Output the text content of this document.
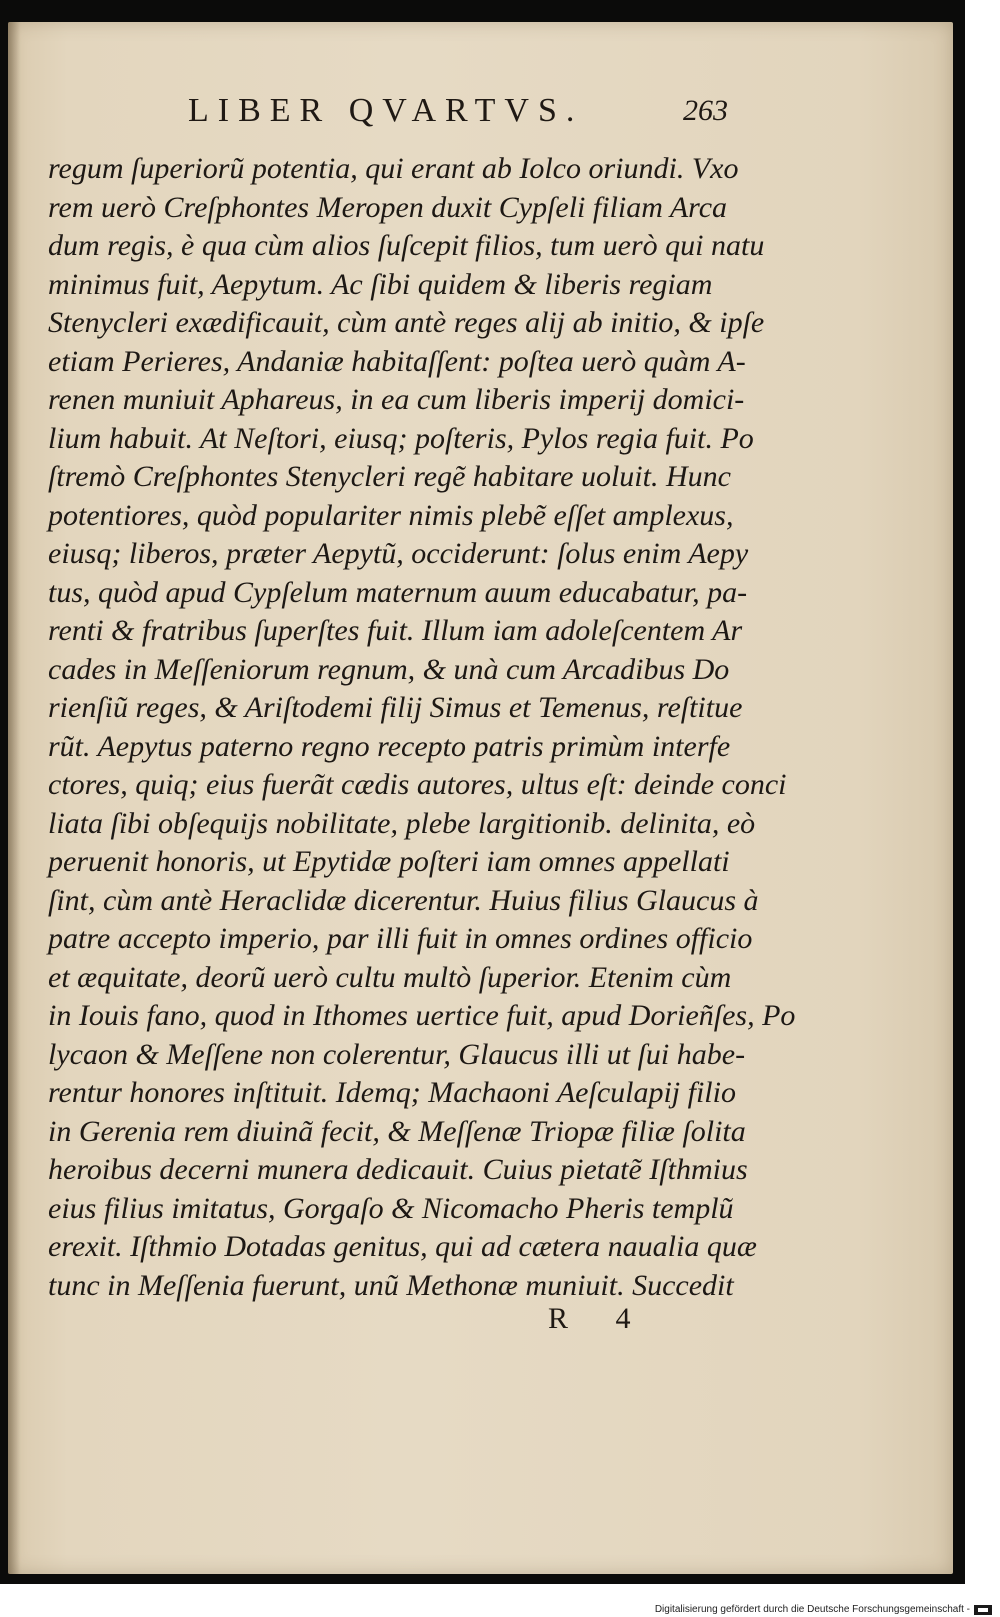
LIBER QVARTVS.	263
regum ſuperiorũ potentia, qui erant ab Iolco oriundi. Vxo
rem uerò Creſphontes Meropen duxit Cypſeli filiam Arca
dum regis, è qua cùm alios ſuſcepit filios, tum uerò qui natu
minimus fuit, Aepytum. Ac ſibi quidem & liberis regiam
Stenycleri exædificauit, cùm antè reges alij ab initio, & ipſe
etiam Perieres, Andaniæ habitaſſent: poſtea uerò quàm A-
renen muniuit Aphareus, in ea cum liberis imperij domici-
lium habuit. At Neſtori, eiusq; poſteris, Pylos regia fuit. Po
ſtremò Creſphontes Stenycleri regẽ habitare uoluit. Hunc
potentiores, quòd populariter nimis plebẽ eſſet amplexus,
eiusq; liberos, præter Aepytũ, occiderunt: ſolus enim Aepy
tus, quòd apud Cypſelum maternum auum educabatur, pa-
renti & fratribus ſuperſtes fuit. Illum iam adoleſcentem Ar
cades in Meſſeniorum regnum, & unà cum Arcadibus Do
rienſiũ reges, & Ariſtodemi filij Simus et Temenus, reſtitue
rũt. Aepytus paterno regno recepto patris primùm interfe
ctores, quiq; eius fuerãt cædis autores, ultus eſt: deinde conci
liata ſibi obſequijs nobilitate, plebe largitionib. delinita, eò
peruenit honoris, ut Epytidæ poſteri iam omnes appellati
ſint, cùm antè Heraclidæ dicerentur. Huius filius Glaucus à
patre accepto imperio, par illi fuit in omnes ordines officio
et æquitate, deorũ uerò cultu multò ſuperior. Etenim cùm
in Iouis fano, quod in Ithomes uertice fuit, apud Dorieñſes, Po
lycaon & Meſſene non colerentur, Glaucus illi ut ſui habe-
rentur honores inſtituit. Idemq; Machaoni Aeſculapij filio
in Gerenia rem diuinã fecit, & Meſſenæ Triopæ filiæ ſolita
heroibus decerni munera dedicauit. Cuius pietatẽ Iſthmius
eius filius imitatus, Gorgaſo & Nicomacho Pheris templũ
erexit. Iſthmio Dotadas genitus, qui ad cætera naualia quæ
tunc in Meſſenia fuerunt, unũ Methonæ muniuit. Succedit
R 4
Digitalisierung gefördert durch die Deutsche Forschungsgemeinschaft -
